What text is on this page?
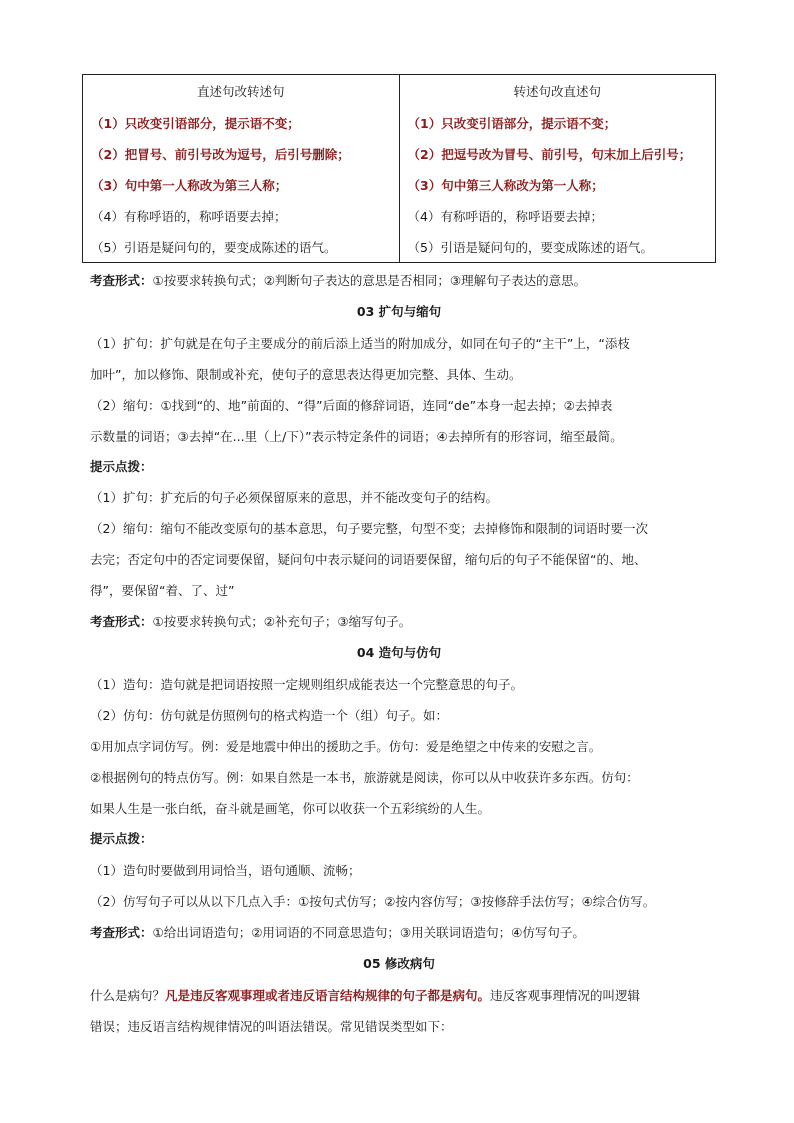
直述句改转述句	转述句改直述句
（1）只改变引语部分，提示语不变；	（1）只改变引语部分，提示语不变；
（2）把冒号、前引号改为逗号，后引号删除；	（2）把逗号改为冒号、前引号，句末加上后引号；
（3）句中第一人称改为第三人称；	（3）句中第三人称改为第一人称；
（4）有称呼语的，称呼语要去掉；	（4）有称呼语的，称呼语要去掉；
（5）引语是疑问句的，要变成陈述的语气。	（5）引语是疑问句的，要变成陈述的语气。
考查形式：①按要求转换句式；②判断句子表达的意思是否相同；③理解句子表达的意思。
03 扩句与缩句
（1）扩句：扩句就是在句子主要成分的前后添上适当的附加成分，如同在句子的“主干”上，“添枝
加叶”，加以修饰、限制或补充，使句子的意思表达得更加完整、具体、生动。
（2）缩句：①找到“的、地”前面的、“得”后面的修辞词语，连同“de”本身一起去掉；②去掉表
示数量的词语；③去掉“在...里（上/下）”表示特定条件的词语；④去掉所有的形容词，缩至最简。
提示点拨：
（1）扩句：扩充后的句子必须保留原来的意思，并不能改变句子的结构。
（2）缩句：缩句不能改变原句的基本意思，句子要完整，句型不变；去掉修饰和限制的词语时要一次
去完；否定句中的否定词要保留，疑问句中表示疑问的词语要保留，缩句后的句子不能保留“的、地、
得”，要保留“着、了、过”
考查形式：①按要求转换句式；②补充句子；③缩写句子。
04 造句与仿句
（1）造句：造句就是把词语按照一定规则组织成能表达一个完整意思的句子。
（2）仿句：仿句就是仿照例句的格式构造一个（组）句子。如：
①用加点字词仿写。例：爱是地震中伸出的援助之手。仿句：爱是绝望之中传来的安慰之言。
②根据例句的特点仿写。例：如果自然是一本书，旅游就是阅读，你可以从中收获许多东西。仿句：
如果人生是一张白纸，奋斗就是画笔，你可以收获一个五彩缤纷的人生。
提示点拨：
（1）造句时要做到用词恰当，语句通顺、流畅；
（2）仿写句子可以从以下几点入手：①按句式仿写；②按内容仿写；③按修辞手法仿写；④综合仿写。
考查形式：①给出词语造句；②用词语的不同意思造句；③用关联词语造句；④仿写句子。
05 修改病句
什么是病句？凡是违反客观事理或者违反语言结构规律的句子都是病句。违反客观事理情况的叫逻辑
错误；违反语言结构规律情况的叫语法错误。常见错误类型如下：
